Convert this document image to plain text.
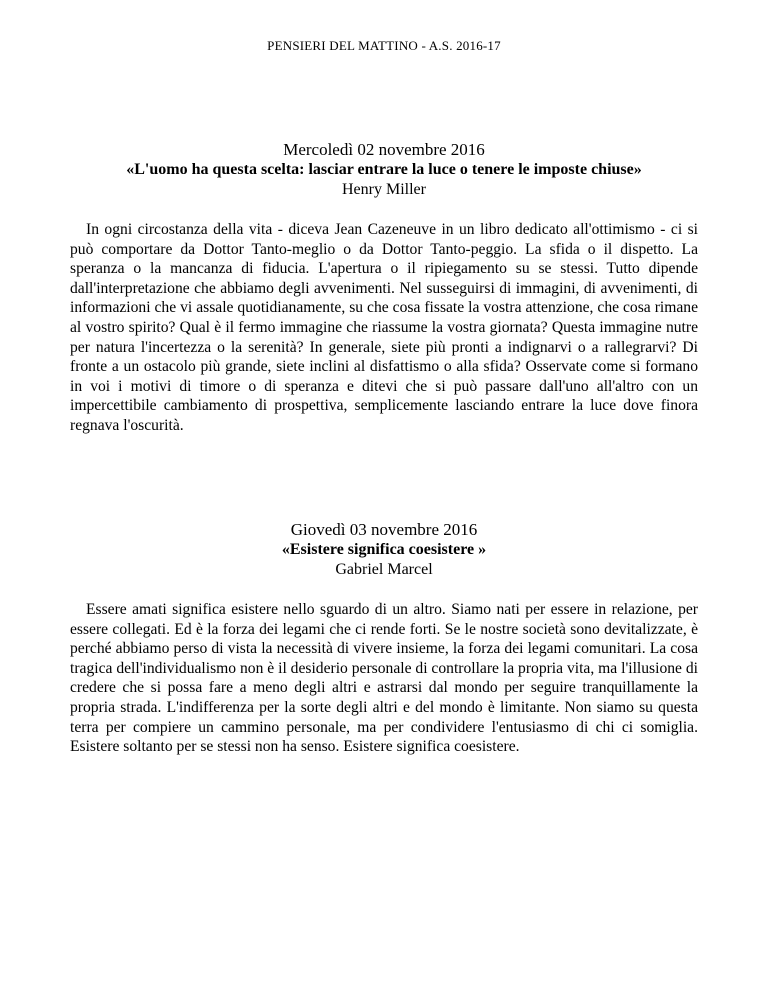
PENSIERI DEL MATTINO - A.S. 2016-17
Mercoledì 02 novembre 2016
«L'uomo ha questa scelta: lasciar entrare la luce o tenere le imposte chiuse»
Henry Miller

In ogni circostanza della vita - diceva Jean Cazeneuve in un libro dedicato all'ottimismo - ci si può comportare da Dottor Tanto-meglio o da Dottor Tanto-peggio. La sfida o il dispetto. La speranza o la mancanza di fiducia. L'apertura o il ripiegamento su se stessi. Tutto dipende dall'interpretazione che abbiamo degli avvenimenti. Nel susseguirsi di immagini, di avvenimenti, di informazioni che vi assale quotidianamente, su che cosa fissate la vostra attenzione, che cosa rimane al vostro spirito? Qual è il fermo immagine che riassume la vostra giornata? Questa immagine nutre per natura l'incertezza o la serenità? In generale, siete più pronti a indignarvi o a rallegrarvi? Di fronte a un ostacolo più grande, siete inclini al disfattismo o alla sfida? Osservate come si formano in voi i motivi di timore o di speranza e ditevi che si può passare dall'uno all'altro con un impercettibile cambiamento di prospettiva, semplicemente lasciando entrare la luce dove finora regnava l'oscurità.

Giovedì 03 novembre 2016
«Esistere significa coesistere »
Gabriel Marcel

Essere amati significa esistere nello sguardo di un altro. Siamo nati per essere in relazione, per essere collegati. Ed è la forza dei legami che ci rende forti. Se le nostre società sono devitalizzate, è perché abbiamo perso di vista la necessità di vivere insieme, la forza dei legami comunitari. La cosa tragica dell'individualismo non è il desiderio personale di controllare la propria vita, ma l'illusione di credere che si possa fare a meno degli altri e astrarsi dal mondo per seguire tranquillamente la propria strada. L'indifferenza per la sorte degli altri e del mondo è limitante. Non siamo su questa terra per compiere un cammino personale, ma per condividere l'entusiasmo di chi ci somiglia. Esistere soltanto per se stessi non ha senso. Esistere significa coesistere.
